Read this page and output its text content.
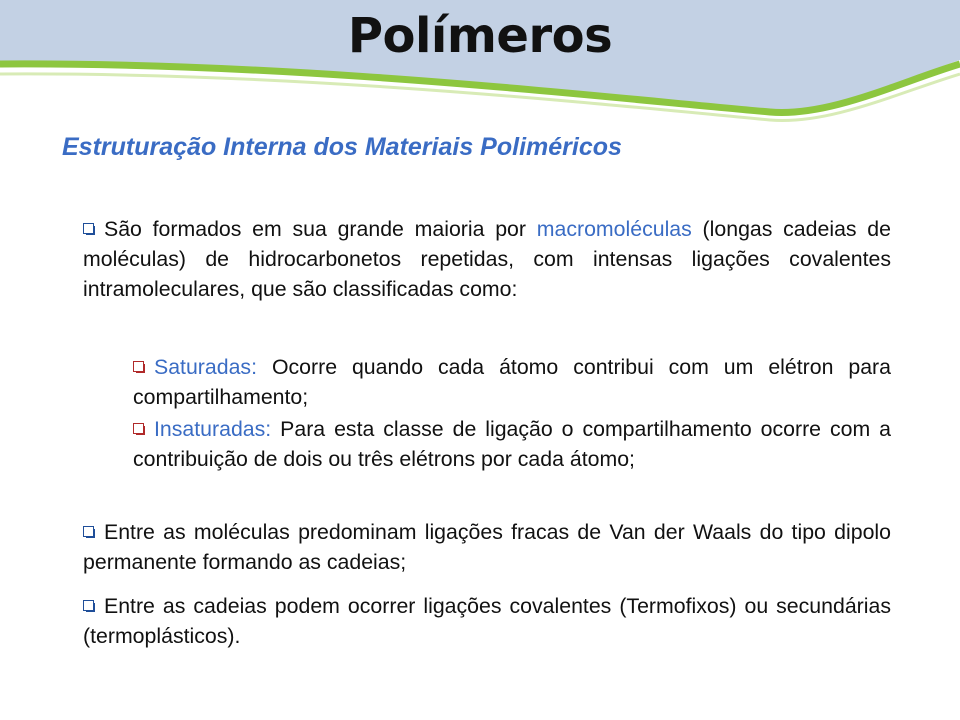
Polímeros
Estruturação Interna dos Materiais Poliméricos
São formados em sua grande maioria por macromoléculas (longas cadeias de moléculas) de hidrocarbonetos repetidas, com intensas ligações covalentes intramoleculares, que são classificadas como:
Saturadas: Ocorre quando cada átomo contribui com um elétron para compartilhamento;
Insaturadas: Para esta classe de ligação o compartilhamento ocorre com a contribuição de dois ou três elétrons por cada átomo;
Entre as moléculas predominam ligações fracas de Van der Waals do tipo dipolo permanente formando as cadeias;
Entre as cadeias podem ocorrer ligações covalentes (Termofixos) ou secundárias (termoplásticos).
